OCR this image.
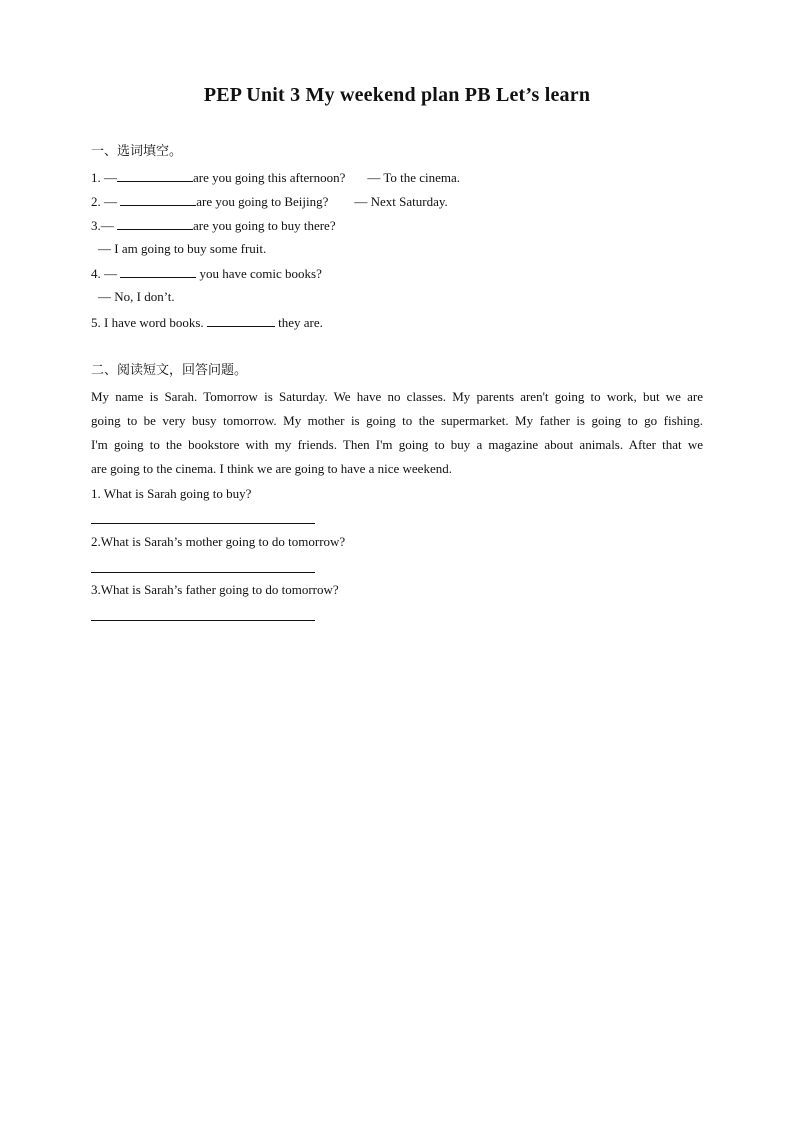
PEP Unit 3 My weekend plan PB Let’s learn
一、选词填空。
1. —	are you going this afternoon? — To the cinema.
2. —	are you going to Beijing? — Next Saturday.
3.—	are you going to buy there?
— I am going to buy some fruit.
4. —	you have comic books?
— No, I don’t.
5. I have word books.	they are.
二、阅读短文，回答问题。
My name is Sarah. Tomorrow is Saturday. We have no classes. My parents aren't going to work, but we are
going to be very busy tomorrow. My mother is going to the supermarket. My father is going to go fishing.
I'm going to the bookstore with my friends. Then I'm going to buy a magazine about animals. After that we
are going to the cinema. I think we are going to have a nice weekend.
1. What is Sarah going to buy?
2.What is Sarah’s mother going to do tomorrow?
3.What is Sarah’s father going to do tomorrow?
